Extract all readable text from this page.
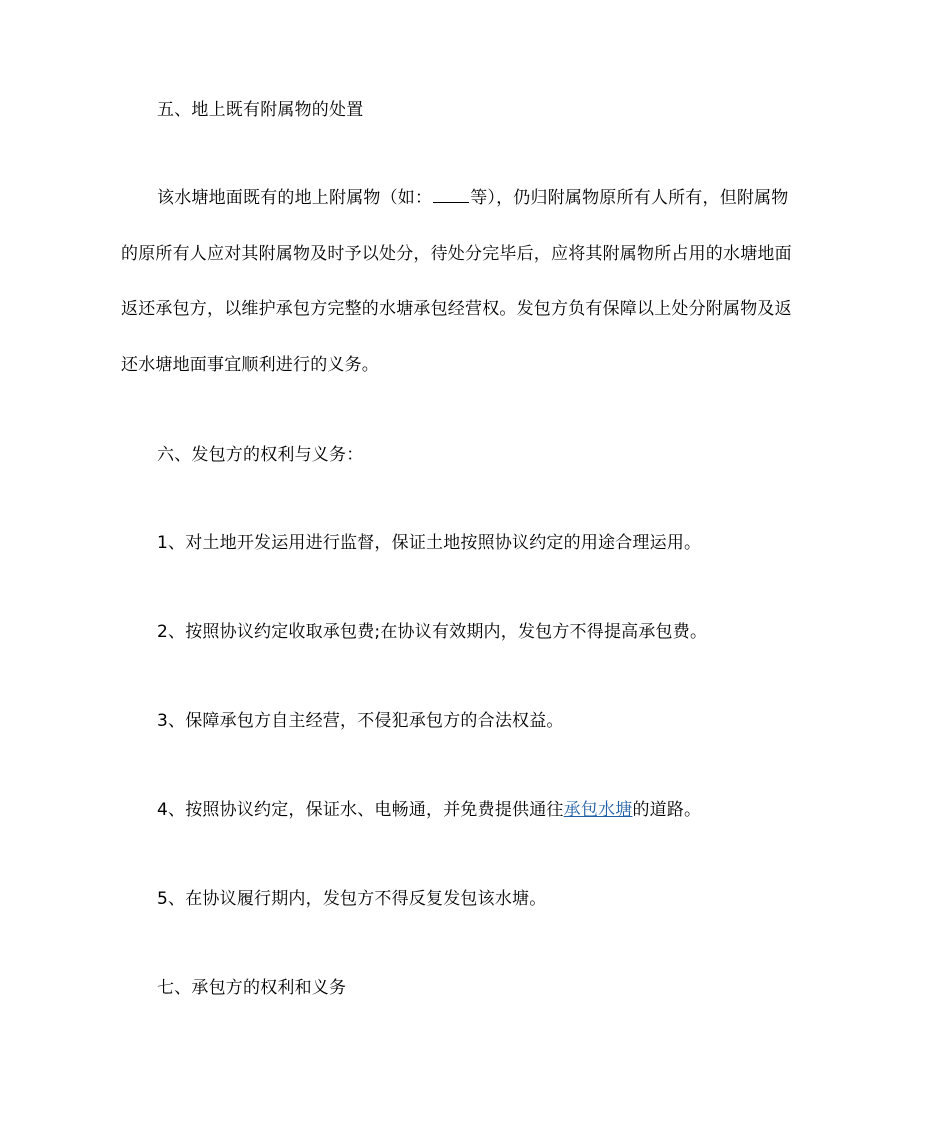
五、地上既有附属物的处置
该水塘地面既有的地上附属物（如： 等），仍归附属物原所有人所有，但附属物
的原所有人应对其附属物及时予以处分，待处分完毕后，应将其附属物所占用的水塘地面
返还承包方，以维护承包方完整的水塘承包经营权。发包方负有保障以上处分附属物及返
还水塘地面事宜顺利进行的义务。
六、发包方的权利与义务：
1、对土地开发运用进行监督，保证土地按照协议约定的用途合理运用。
2、按照协议约定收取承包费;在协议有效期内，发包方不得提高承包费。
3、保障承包方自主经营，不侵犯承包方的合法权益。
4、按照协议约定，保证水、电畅通，并免费提供通往承包水塘的道路。
5、在协议履行期内，发包方不得反复发包该水塘。
七、承包方的权利和义务
